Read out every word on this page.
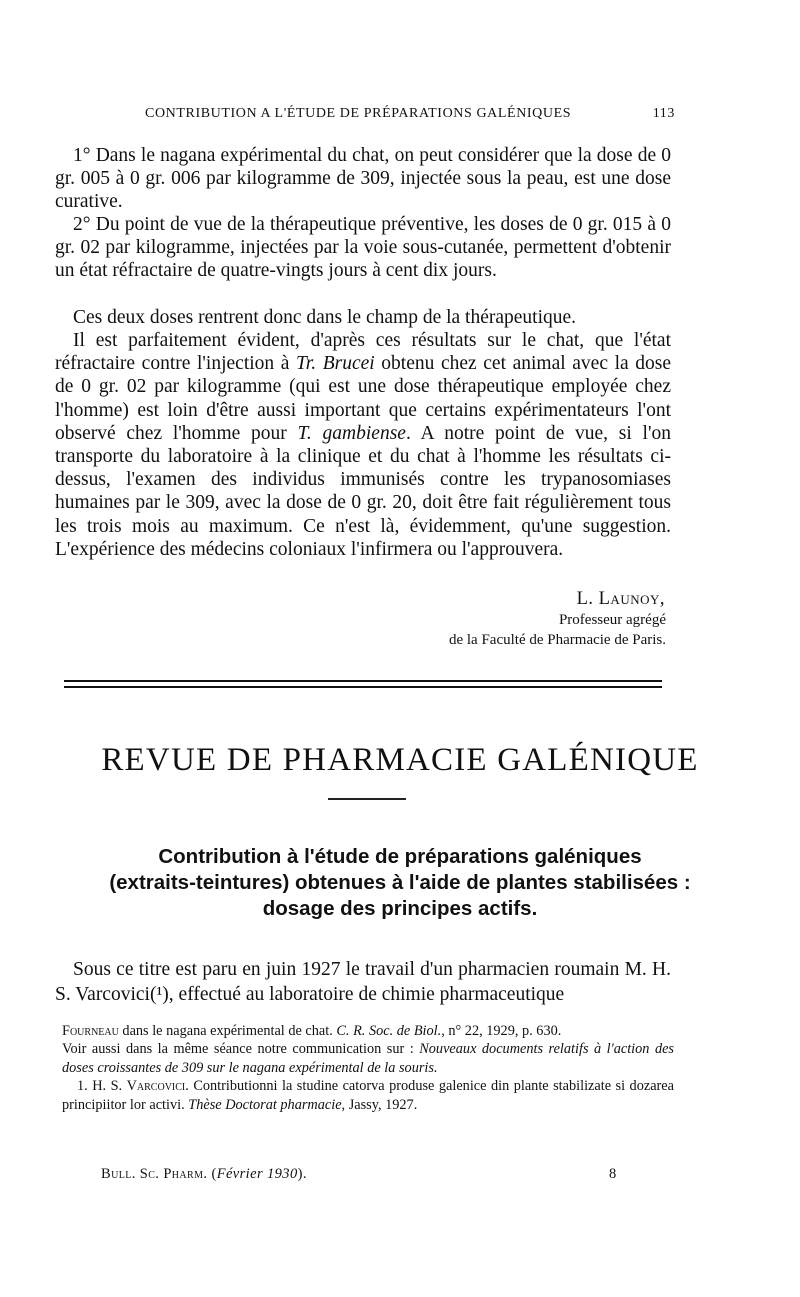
CONTRIBUTION A L'ÉTUDE DE PRÉPARATIONS GALÉNIQUES	113

1° Dans le nagana expérimental du chat, on peut considérer que la dose de 0 gr. 005 à 0 gr. 006 par kilogramme de 309, injectée sous la peau, est une dose curative.

2° Du point de vue de la thérapeutique préventive, les doses de 0 gr. 015 à 0 gr. 02 par kilogramme, injectées par la voie sous-cutanée, permettent d'obtenir un état réfractaire de quatre-vingts jours à cent dix jours.

Ces deux doses rentrent donc dans le champ de la thérapeutique.

Il est parfaitement évident, d'après ces résultats sur le chat, que l'état réfractaire contre l'injection à Tr. Brucei obtenu chez cet animal avec la dose de 0 gr. 02 par kilogramme (qui est une dose thérapeutique employée chez l'homme) est loin d'être aussi important que certains expérimentateurs l'ont observé chez l'homme pour T. gambiense. A notre point de vue, si l'on transporte du laboratoire à la clinique et du chat à l'homme les résultats ci-dessus, l'examen des individus immunisés contre les trypanosomiases humaines par le 309, avec la dose de 0 gr. 20, doit être fait régulièrement tous les trois mois au maximum. Ce n'est là, évidemment, qu'une suggestion. L'expérience des médecins coloniaux l'infirmera ou l'approuvera.

L. Launoy,
Professeur agrégé
de la Faculté de Pharmacie de Paris.
REVUE DE PHARMACIE GALÉNIQUE
Contribution à l'étude de préparations galéniques
(extraits-teintures) obtenues à l'aide de plantes stabilisées :
dosage des principes actifs.

Sous ce titre est paru en juin 1927 le travail d'un pharmacien roumain M. H. S. Varcovici(¹), effectué au laboratoire de chimie pharmaceutique

Fourneau dans le nagana expérimental de chat. C. R. Soc. de Biol., n° 22, 1929, p. 630.

Voir aussi dans la même séance notre communication sur : Nouveaux documents relatifs à l'action des doses croissantes de 309 sur le nagana expérimental de la souris.

1. H. S. Varcovici. Contributionni la studine catorva produse galenice din plante stabilizate si dozarea principiitor lor activi. Thèse Doctorat pharmacie, Jassy, 1927.

Bull. Sc. Pharm. (Février 1930).	8
